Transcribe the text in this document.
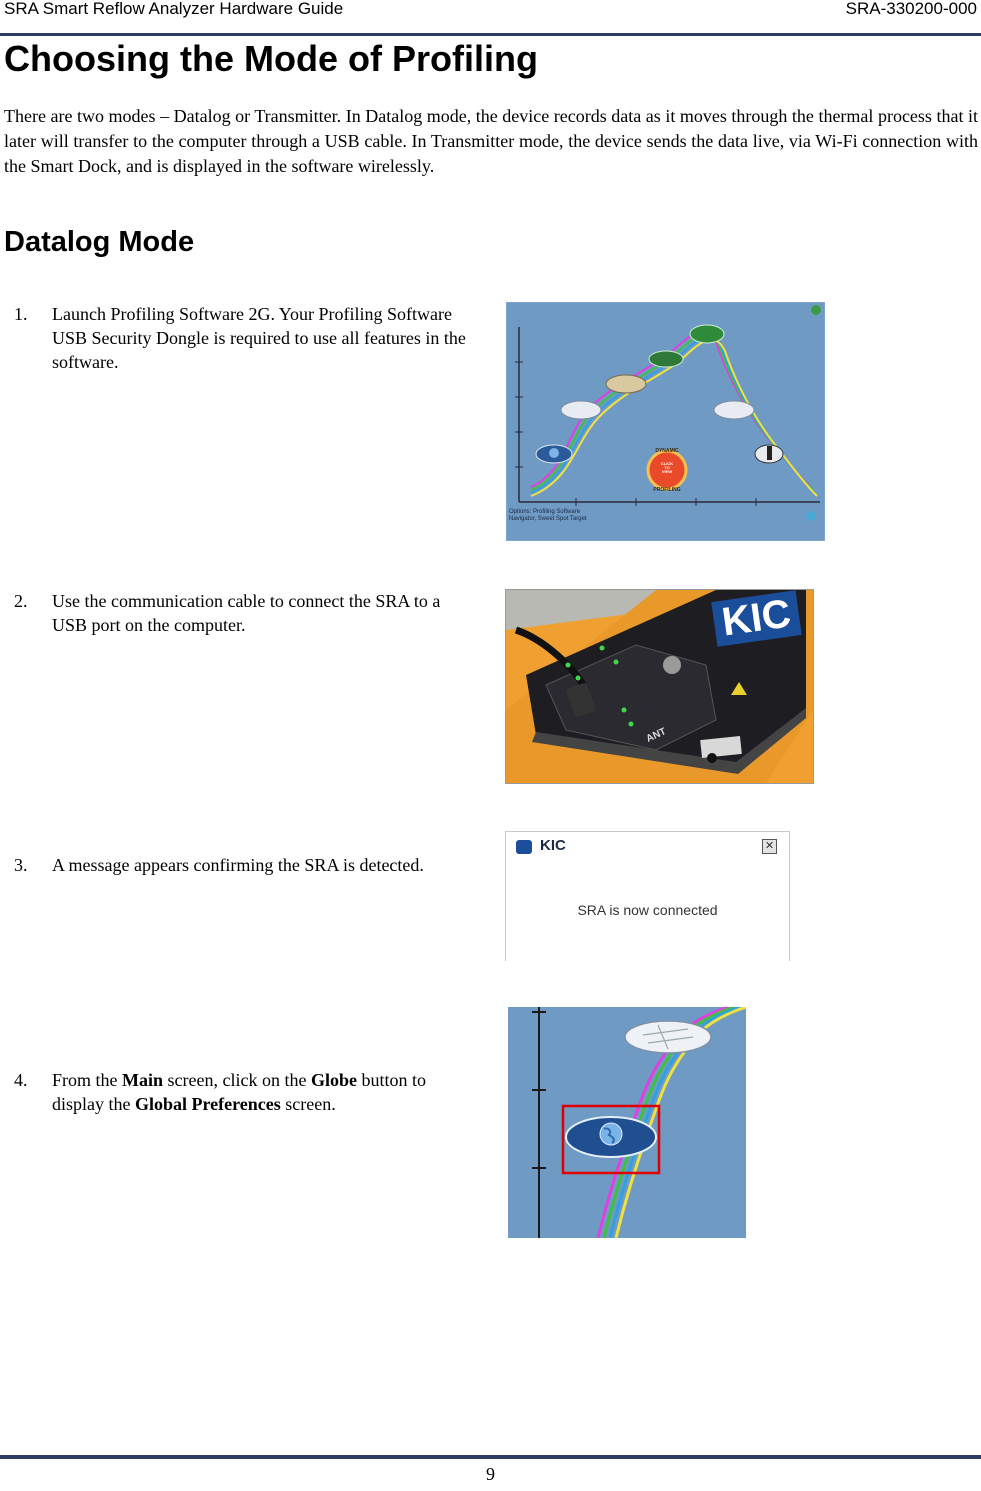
SRA Smart Reflow Analyzer Hardware Guide	SRA-330200-000
Choosing the Mode of Profiling
There are two modes – Datalog or Transmitter. In Datalog mode, the device records data as it moves through the thermal process that it later will transfer to the computer through a USB cable. In Transmitter mode, the device sends the data live, via Wi-Fi connection with the Smart Dock, and is displayed in the software wirelessly.
Datalog Mode
1. Launch Profiling Software 2G. Your Profiling Software USB Security Dongle is required to use all features in the software.
CLICK
TO
VIEW
DYNAMIC
PROFILING
Options: Profiling Software
Navigator, Sweet Spot Target
2. Use the communication cable to connect the SRA to a USB port on the computer.	KIC
ANT
3. A message appears confirming the SRA is detected.
KIC	✕
SRA is now connected
4. From the Main screen, click on the Globe button to display the Global Preferences screen.
9
